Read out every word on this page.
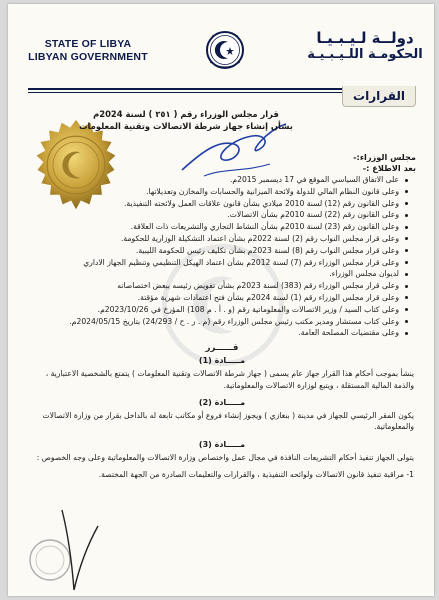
STATE OF LIBYA
LIBYAN GOVERNMENT
دولــة لـيـبـيـا
الحكومـة اللـيـبـيـة
القرارات
قرار مجلس الوزراء رقم ( ٢٥١ ) لسنة 2024م
بشأن إنشاء جهاز شرطة الاتصالات وتقنية المعلومات
مجلس الوزراء:-
بعد الاطلاع :-
على الاتفاق السياسي الموقع في 17 ديسمبر 2015م.
وعلى قانون النظام المالي للدولة ولائحة الميزانية والحسابات والمخازن وتعديلاتها.
وعلى القانون رقم (12) لسنة 2010 ميلادي بشأن قانون علاقات العمل ولائحته التنفيذية.
وعلى القانون رقم (22) لسنة 2010م بشأن الاتصالات.
وعلى القانون رقم (23) لسنة 2010م بشأن النشاط التجاري والتشريعات ذات العلاقة.
وعلى قرار مجلس النواب رقم (2) لسنة 2022م بشأن اعتماد التشكيلة الوزارية للحكومة.
وعلى قرار مجلس النواب رقم (8) لسنة 2023م بشأن تكليف رئيس للحكومة الليبية.
وعلى قرار مجلس الوزراء رقم (7) لسنة 2012م بشأن اعتماد الهيكل التنظيمي وتنظيم الجهاز الاداري
لديوان مجلس الوزراء.
وعلى قرار مجلس الوزراء رقم (383) لسنة 2023م بشأن تفويض رئيسه ببعض اختصاصاته
وعلى قرار مجلس الوزراء رقم (1) لسنة 2024م بشأن فتح اعتمادات شهرية مؤقتة.
وعلى كتاب السيد / وزير الاتصالات والمعلوماتية رقم (و . أ . م 108) المؤرخ في 2023/10/26م.
وعلى كتاب مستشار ومدير مكتب رئيس مجلس الوزراء رقم (م . ر . ح / 24/293) بتاريخ 2024/05/15م.
وعلى مقتضيات المصلحة العامة.
قــــــرر
مـــــادة (1)
ينشأ بموجب أحكام هذا القرار جهاز عام يسمى ( جهاز شرطة الاتصالات وتقنية المعلومات ) يتمتع بالشخصية الاعتبارية ، والذمة المالية المستقلة ، ويتبع لوزارة الاتصالات والمعلوماتية.
مـــــادة (2)
يكون المقر الرئيسي للجهاز في مدينة ( بنغازي ) ويجوز إنشاء فروع أو مكاتب تابعة له بالداخل بقرار من وزارة الاتصالات والمعلوماتية.
مـــــادة (3)
يتولى الجهاز تنفيذ أحكام التشريعات النافذة في مجال عمل واختصاص وزارة الاتصالات والمعلوماتية وعلى وجه الخصوص :
1- مراقبة تنفيذ قانون الاتصالات ولوائحه التنفيذية ، والقرارات والتعليمات الصادرة من الجهة المختصة.
